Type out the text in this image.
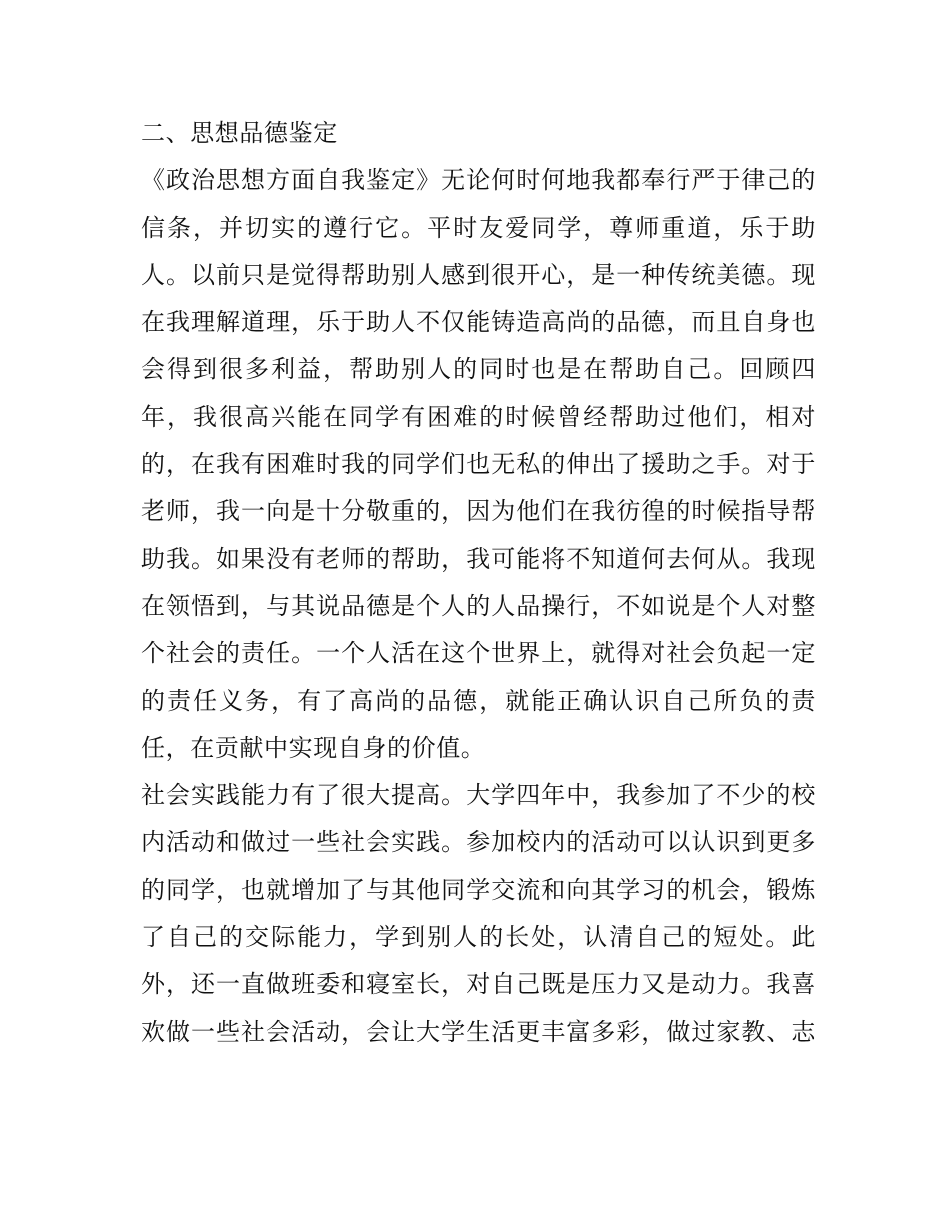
二、思想品德鉴定
《政治思想方面自我鉴定》无论何时何地我都奉行严于律己的
信条，并切实的遵行它。平时友爱同学，尊师重道，乐于助
人。以前只是觉得帮助别人感到很开心，是一种传统美德。现
在我理解道理，乐于助人不仅能铸造高尚的品德，而且自身也
会得到很多利益，帮助别人的同时也是在帮助自己。回顾四
年，我很高兴能在同学有困难的时候曾经帮助过他们，相对
的，在我有困难时我的同学们也无私的伸出了援助之手。对于
老师，我一向是十分敬重的，因为他们在我彷徨的时候指导帮
助我。如果没有老师的帮助，我可能将不知道何去何从。我现
在领悟到，与其说品德是个人的人品操行，不如说是个人对整
个社会的责任。一个人活在这个世界上，就得对社会负起一定
的责任义务，有了高尚的品德，就能正确认识自己所负的责
任，在贡献中实现自身的价值。
社会实践能力有了很大提高。大学四年中，我参加了不少的校
内活动和做过一些社会实践。参加校内的活动可以认识到更多
的同学，也就增加了与其他同学交流和向其学习的机会，锻炼
了自己的交际能力，学到别人的长处，认清自己的短处。此
外，还一直做班委和寝室长，对自己既是压力又是动力。我喜
欢做一些社会活动，会让大学生活更丰富多彩，做过家教、志
